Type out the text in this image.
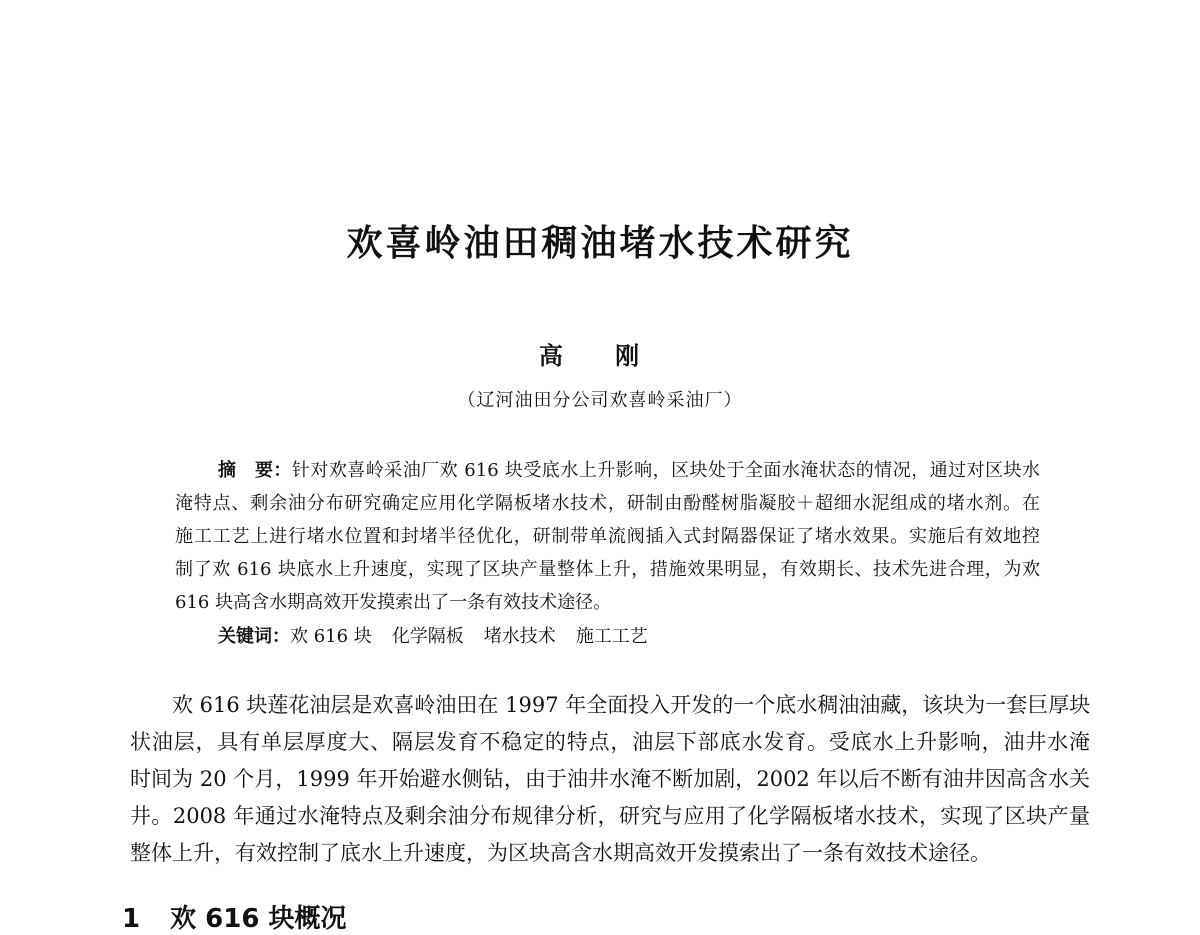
欢喜岭油田稠油堵水技术研究
高 刚
（辽河油田分公司欢喜岭采油厂）
摘　要：针对欢喜岭采油厂欢 616 块受底水上升影响，区块处于全面水淹状态的情况，通过对区块水
淹特点、剩余油分布研究确定应用化学隔板堵水技术，研制由酚醛树脂凝胶＋超细水泥组成的堵水剂。在
施工工艺上进行堵水位置和封堵半径优化，研制带单流阀插入式封隔器保证了堵水效果。实施后有效地控
制了欢 616 块底水上升速度，实现了区块产量整体上升，措施效果明显，有效期长、技术先进合理，为欢
616 块高含水期高效开发摸索出了一条有效技术途径。
关键词：欢 616 块 化学隔板 堵水技术 施工工艺
欢 616 块莲花油层是欢喜岭油田在 1997 年全面投入开发的一个底水稠油油藏，该块为一套巨厚块
状油层，具有单层厚度大、隔层发育不稳定的特点，油层下部底水发育。受底水上升影响，油井水淹
时间为 20 个月，1999 年开始避水侧钻，由于油井水淹不断加剧，2002 年以后不断有油井因高含水关
井。2008 年通过水淹特点及剩余油分布规律分析，研究与应用了化学隔板堵水技术，实现了区块产量
整体上升，有效控制了底水上升速度，为区块高含水期高效开发摸索出了一条有效技术途径。
1 欢 616 块概况
